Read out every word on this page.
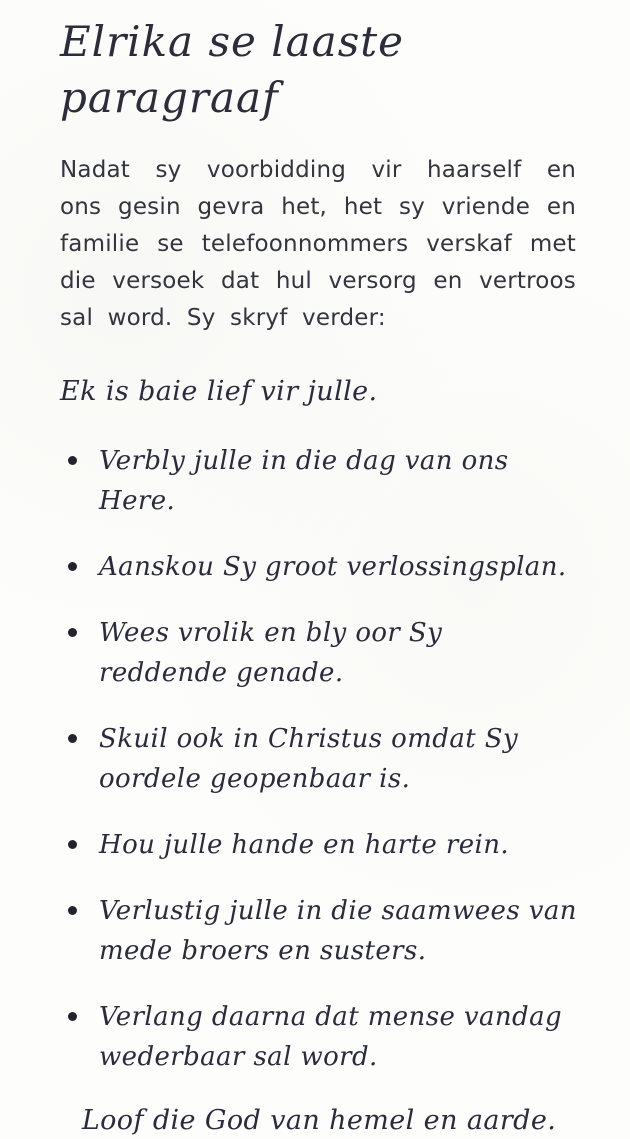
Elrika se laaste paragraaf

Nadat sy voorbidding vir haarself en ons gesin gevra het, het sy vriende en familie se telefoonnommers verskaf met die versoek dat hul versorg en vertroos sal word. Sy skryf verder:

Ek is baie lief vir julle.

Verbly julle in die dag van ons Here.
Aanskou Sy groot verlossingsplan.
Wees vrolik en bly oor Sy reddende genade.
Skuil ook in Christus omdat Sy oordele geopenbaar is.
Hou julle hande en harte rein.
Verlustig julle in die saamwees van mede broers en susters.
Verlang daarna dat mense vandag wederbaar sal word.

Loof die God van hemel en aarde.
